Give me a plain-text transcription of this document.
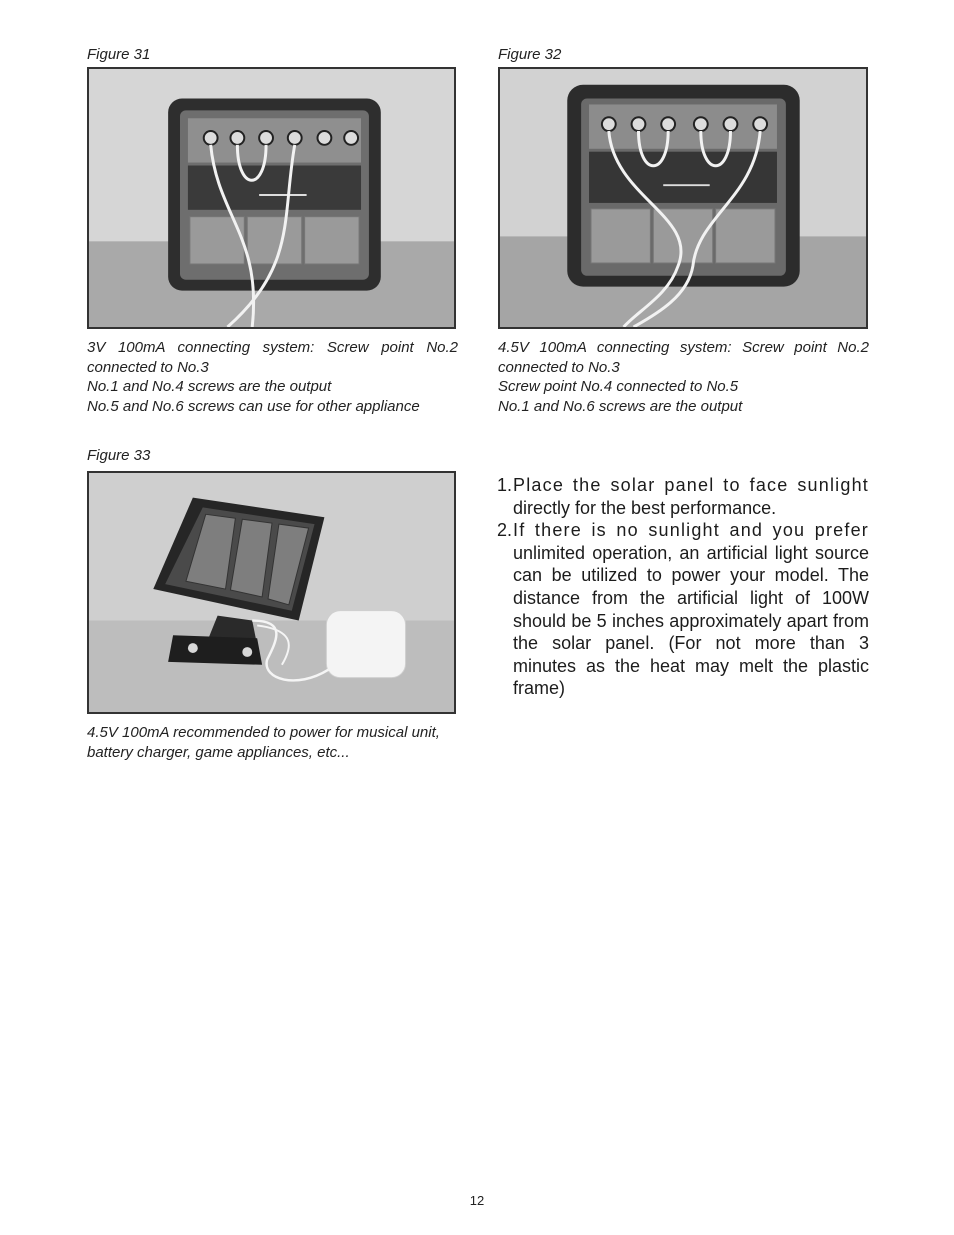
Figure 31

3V 100mA connecting system: Screw point No.2

connected to No.3

No.1 and No.4 screws are the output

No.5 and No.6 screws can use for other appliance

Figure 32

4.5V 100mA connecting system: Screw point No.2

connected to No.3

Screw point No.4 connected to No.5

No.1 and No.6 screws are the output

Figure 33

4.5V 100mA recommended to power for musical unit,

battery charger, game appliances, etc...

1. Place the solar panel to face sunlight directly for the best performance.
2. If there is no sunlight and you prefer unlimited operation, an artificial light source can be utilized to power your model. The distance from the artificial light of 100W should be 5 inches approximately apart from the solar panel. (For not more than 3 minutes as the heat may melt the plastic frame)
12
